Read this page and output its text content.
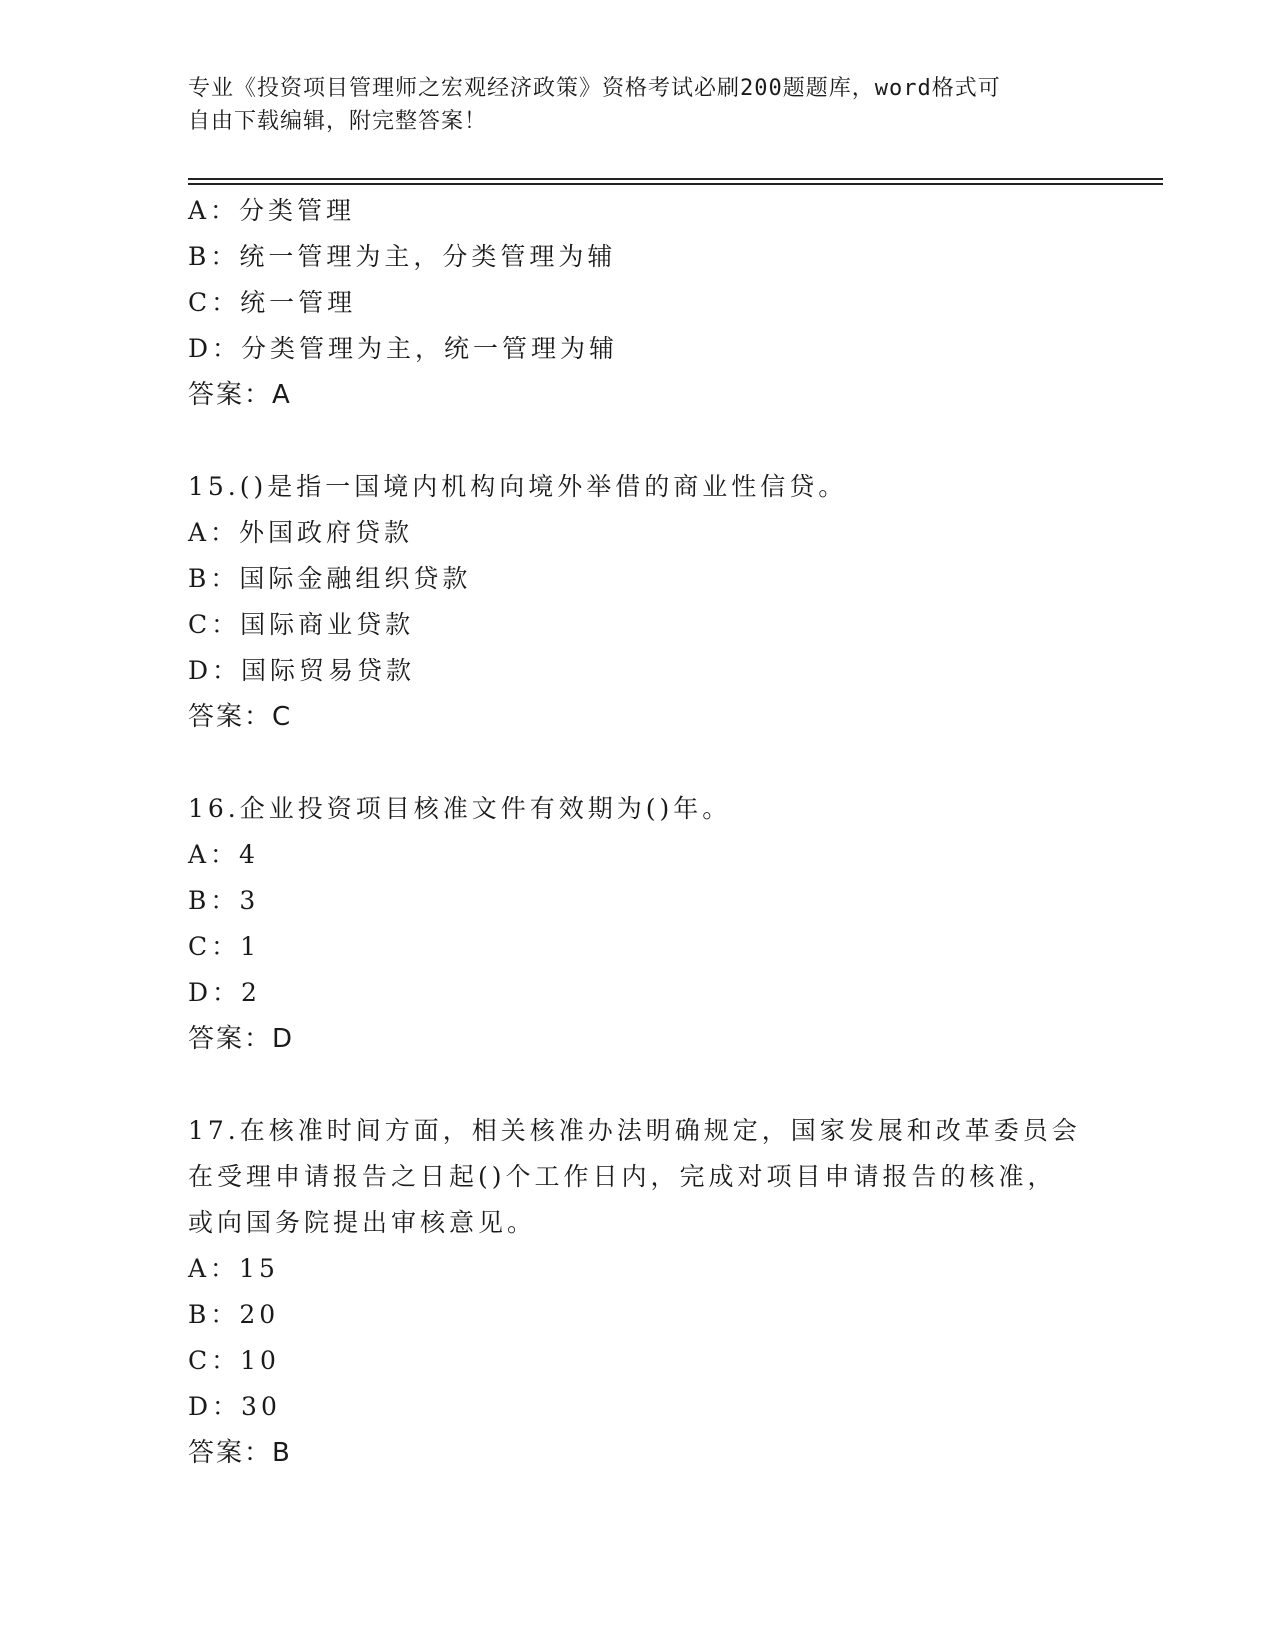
专业《投资项目管理师之宏观经济政策》资格考试必刷200题题库，word格式可
自由下载编辑，附完整答案！

A：分类管理

B：统一管理为主，分类管理为辅

C：统一管理

D：分类管理为主，统一管理为辅

答案：A

15.()是指一国境内机构向境外举借的商业性信贷。

A：外国政府贷款

B：国际金融组织贷款

C：国际商业贷款

D：国际贸易贷款

答案：C

16.企业投资项目核准文件有效期为()年。

A：4

B：3

C：1

D：2

答案：D

17.在核准时间方面，相关核准办法明确规定，国家发展和改革委员会

在受理申请报告之日起()个工作日内，完成对项目申请报告的核准，

或向国务院提出审核意见。

A：15

B：20

C：10

D：30

答案：B
